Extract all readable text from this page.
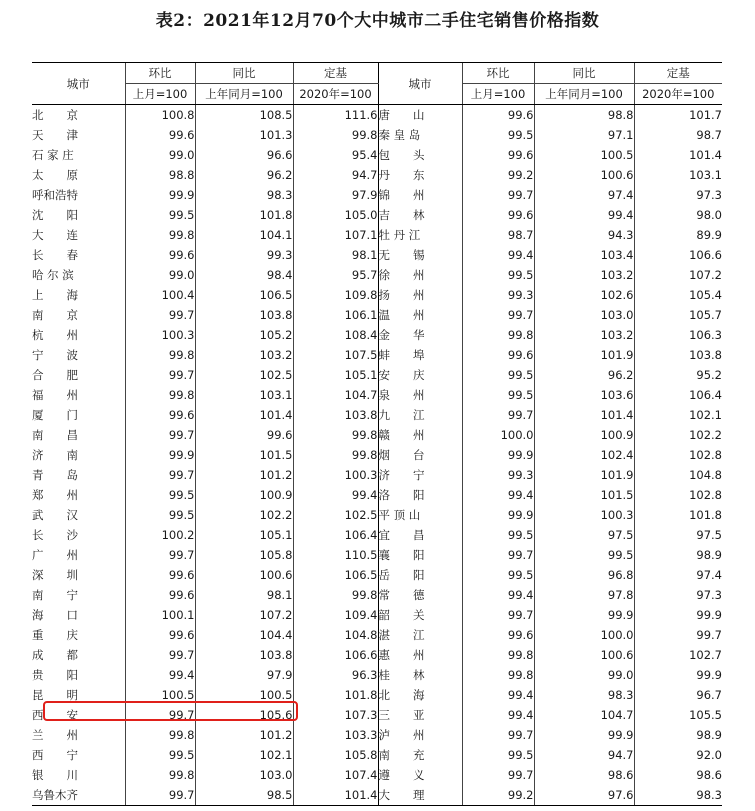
表2：2021年12月70个大中城市二手住宅销售价格指数
城市	环比	同比	定基	城市	环比	同比	定基
	上月=100	上年同月=100	2020年=100		上月=100	上年同月=100	2020年=100
北　　京	100.8	108.5	111.6	唐　　山	99.6	98.8	101.7
天　　津	99.6	101.3	99.8	秦 皇 岛	99.5	97.1	98.7
石 家 庄	99.0	96.6	95.4	包　　头	99.6	100.5	101.4
太　　原	98.8	96.2	94.7	丹　　东	99.2	100.6	103.1
呼和浩特	99.9	98.3	97.9	锦　　州	99.7	97.4	97.3
沈　　阳	99.5	101.8	105.0	吉　　林	99.6	99.4	98.0
大　　连	99.8	104.1	107.1	牡 丹 江	98.7	94.3	89.9
长　　春	99.6	99.3	98.1	无　　锡	99.4	103.4	106.6
哈 尔 滨	99.0	98.4	95.7	徐　　州	99.5	103.2	107.2
上　　海	100.4	106.5	109.8	扬　　州	99.3	102.6	105.4
南　　京	99.7	103.8	106.1	温　　州	99.7	103.0	105.7
杭　　州	100.3	105.2	108.4	金　　华	99.8	103.2	106.3
宁　　波	99.8	103.2	107.5	蚌　　埠	99.6	101.9	103.8
合　　肥	99.7	102.5	105.1	安　　庆	99.5	96.2	95.2
福　　州	99.8	103.1	104.7	泉　　州	99.5	103.6	106.4
厦　　门	99.6	101.4	103.8	九　　江	99.7	101.4	102.1
南　　昌	99.7	99.6	99.8	赣　　州	100.0	100.9	102.2
济　　南	99.9	101.5	99.8	烟　　台	99.9	102.4	102.8
青　　岛	99.7	101.2	100.3	济　　宁	99.3	101.9	104.8
郑　　州	99.5	100.9	99.4	洛　　阳	99.4	101.5	102.8
武　　汉	99.5	102.2	102.5	平 顶 山	99.9	100.3	101.8
长　　沙	100.2	105.1	106.4	宜　　昌	99.5	97.5	97.5
广　　州	99.7	105.8	110.5	襄　　阳	99.7	99.5	98.9
深　　圳	99.6	100.6	106.5	岳　　阳	99.5	96.8	97.4
南　　宁	99.6	98.1	99.8	常　　德	99.4	97.8	97.3
海　　口	100.1	107.2	109.4	韶　　关	99.7	99.9	99.9
重　　庆	99.6	104.4	104.8	湛　　江	99.6	100.0	99.7
成　　都	99.7	103.8	106.6	惠　　州	99.8	100.6	102.7
贵　　阳	99.4	97.9	96.3	桂　　林	99.8	99.0	99.9
昆　　明	100.5	100.5	101.8	北　　海	99.4	98.3	96.7
西　　安	99.7	105.6	107.3	三　　亚	99.4	104.7	105.5
兰　　州	99.8	101.2	103.3	泸　　州	99.7	99.9	98.9
西　　宁	99.5	102.1	105.8	南　　充	99.5	94.7	92.0
银　　川	99.8	103.0	107.4	遵　　义	99.7	98.6	98.6
乌鲁木齐	99.7	98.5	101.4	大　　理	99.2	97.6	98.3
